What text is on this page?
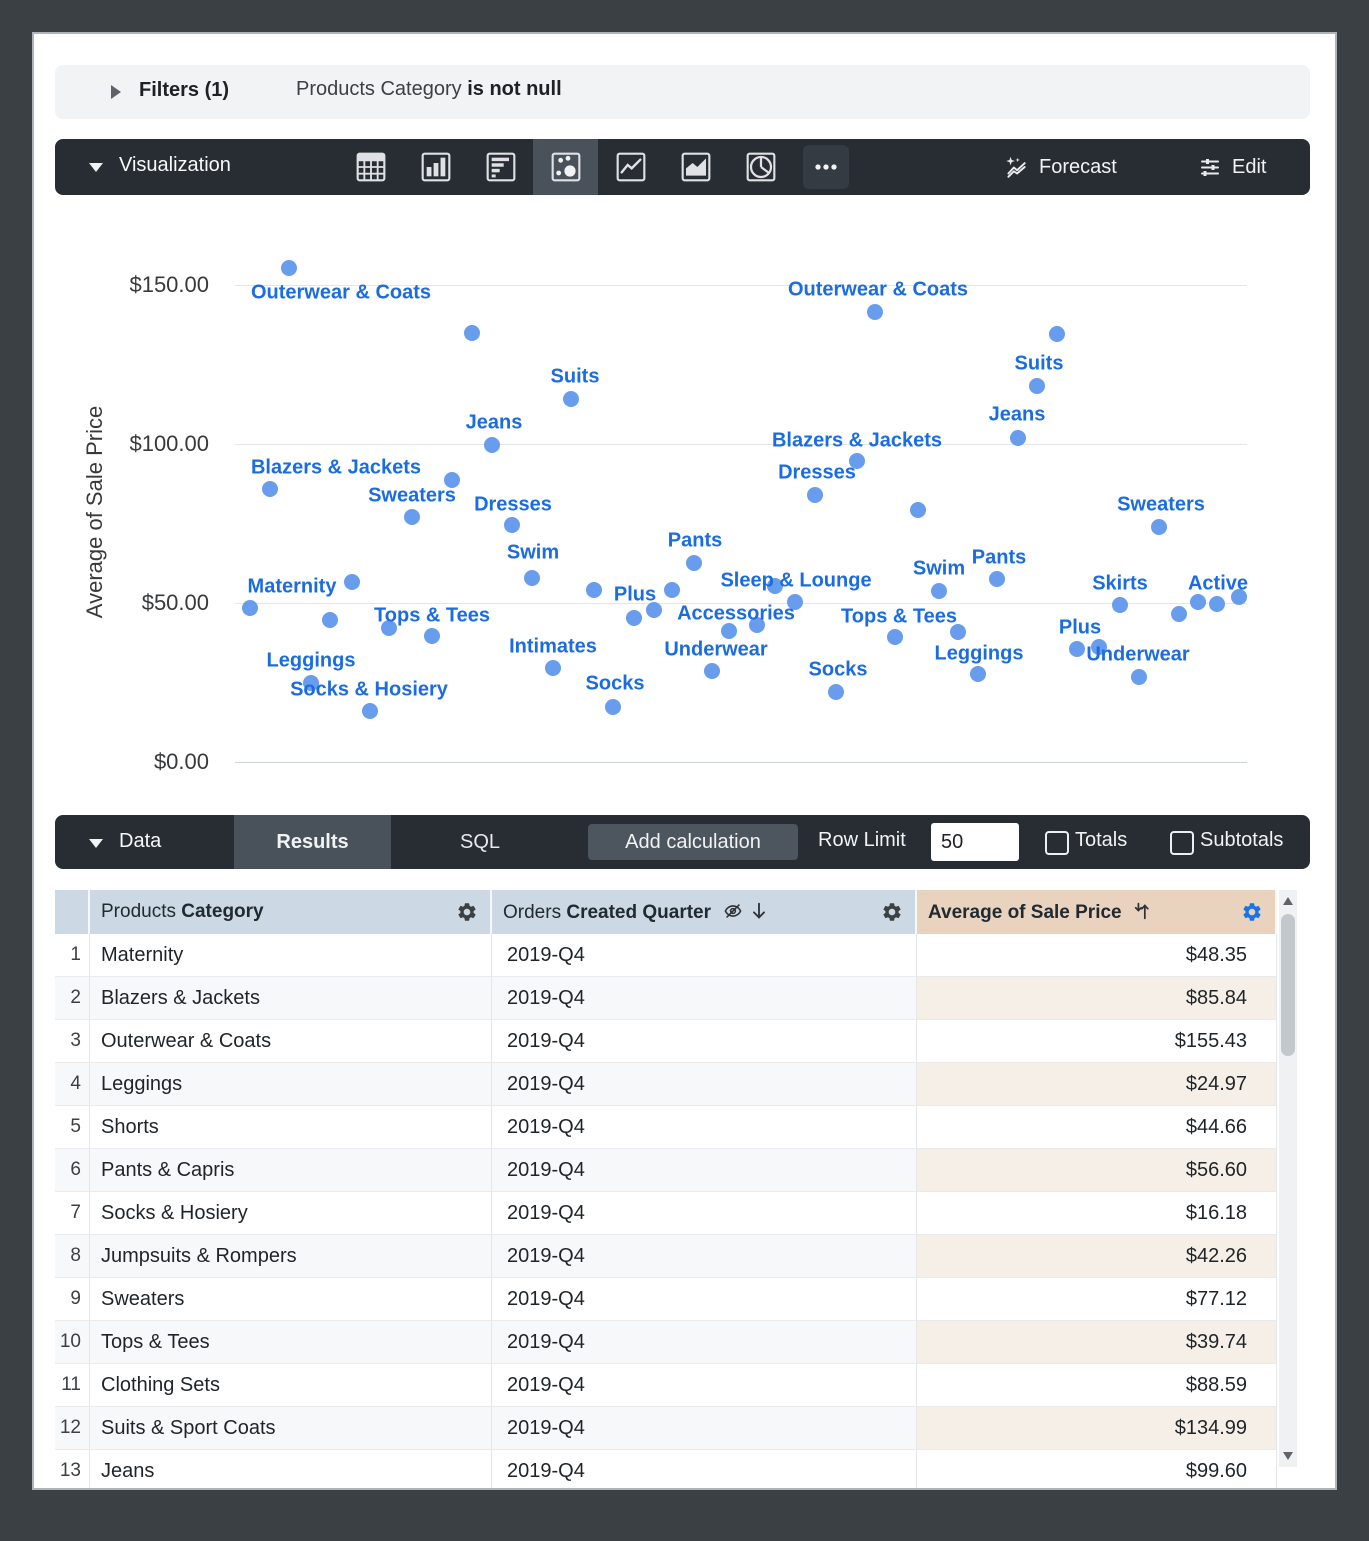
Filters (1)	Products Category is not null
Visualization	Forecast	Edit
Average of Sale Price
$150.00
$100.00
$50.00
$0.00
Outerwear & Coats
Suits
Jeans
Blazers & Jackets
Sweaters Dresses
Pants
Swim
Maternity	Plus
Tops & Tees	Accessories
Intimates	Underwear
Leggings
Socks
Socks & Hosiery
Outerwear & Coats
Suits
Jeans
Blazers & Jackets
Dresses
Sweaters
Pants
Swim
Sleep & Lounge	Skirts Active
Tops & Tees	Plus
Leggings	Underwear
Socks
Data	Results	SQL	Add calculation	Row Limit
50	Totals	Subtotals
Products Category	Orders Created Quarter	Average of Sale Price
1	Maternity	2019-Q4	$48.35
2	Blazers & Jackets	2019-Q4	$85.84
3	Outerwear & Coats	2019-Q4	$155.43
4	Leggings	2019-Q4	$24.97
5	Shorts	2019-Q4	$44.66
6	Pants & Capris	2019-Q4	$56.60
7	Socks & Hosiery	2019-Q4	$16.18
8	Jumpsuits & Rompers	2019-Q4	$42.26
9	Sweaters	2019-Q4	$77.12
10	Tops & Tees	2019-Q4	$39.74
11	Clothing Sets	2019-Q4	$88.59
12	Suits & Sport Coats	2019-Q4	$134.99
13	Jeans	2019-Q4	$99.60
